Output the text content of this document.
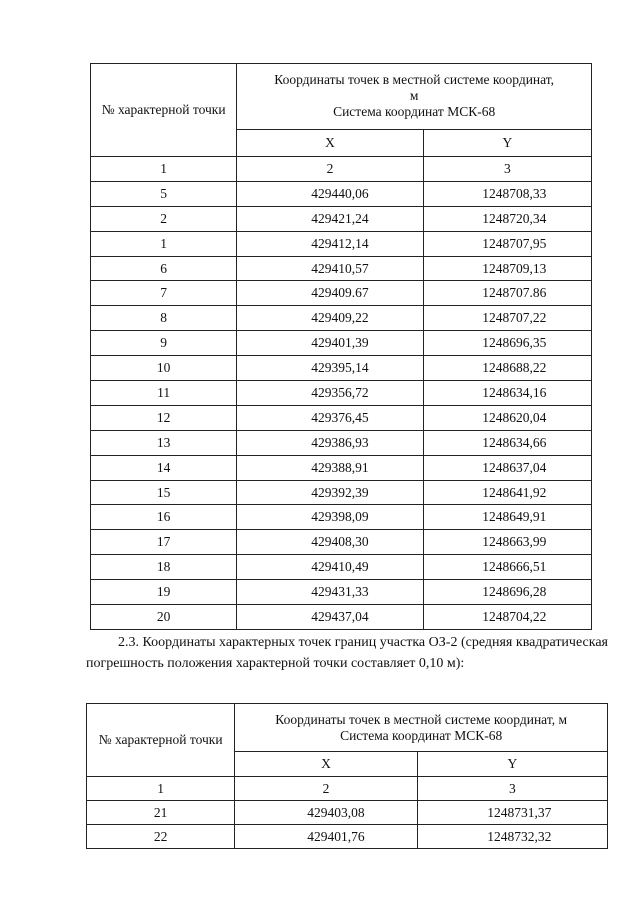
№ характерной точки	Координаты точек в местной системе координат,
м
Система координат МСК-68	

	X	Y
1	2	3
5	429440,06	1248708,33
2	429421,24	1248720,34
1	429412,14	1248707,95
6	429410,57	1248709,13
7	429409.67	1248707.86
8	429409,22	1248707,22
9	429401,39	1248696,35
10	429395,14	1248688,22
11	429356,72	1248634,16
12	429376,45	1248620,04
13	429386,93	1248634,66
14	429388,91	1248637,04
15	429392,39	1248641,92
16	429398,09	1248649,91
17	429408,30	1248663,99
18	429410,49	1248666,51
19	429431,33	1248696,28
20	429437,04	1248704,22
2.3. Координаты характерных точек границ участка ОЗ-2 (средняя квадратическая погрешность положения характерной точки составляет 0,10 м):
№ характерной точки	Координаты точек в местной системе координат, м
Система координат МСК-68	

	X	Y
1	2	3
21	429403,08	1248731,37
22	429401,76	1248732,32
